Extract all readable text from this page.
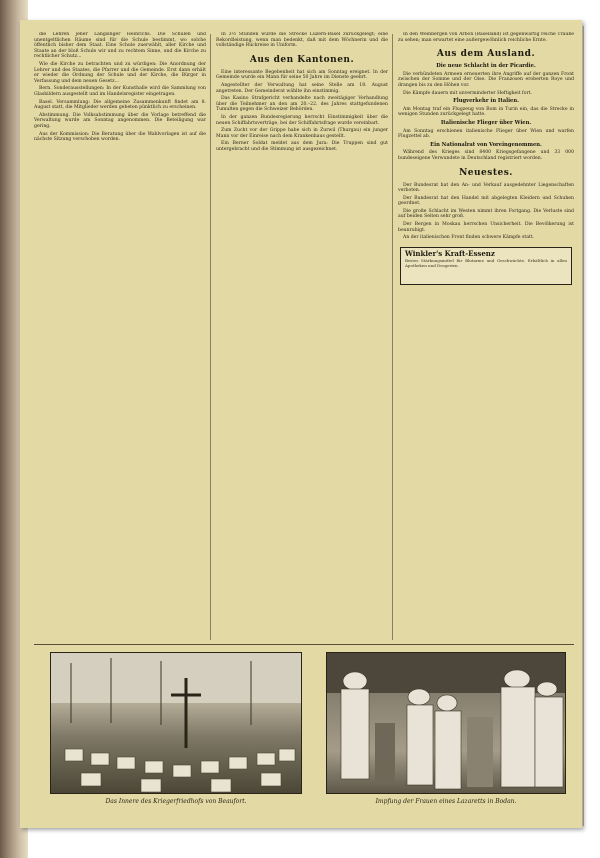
die Lehren jener Langsinger Heinrichs. Die Schulen und unentgeltlichen Räume sind für die Schule bestimmt, wo solche öffentlich bisher dem Staat. Eine Schule zuerwählt, aller Kirche und Staate an der bloß Schule wir und zu rechtem Sinne, und die Kirche zu rechtlicher Schutz...

Wie die Kirche zu betrachten und zu würdigen: Die Anordnung der Lehrer und des Staates, die Pfarrer und die Gemeinde. Erst dann erhält er wieder die Ordnung der Schule und der Kirche, die Bürger in Verfassung und dem neuen Gesetz...

Bern. Sonderausstellungen: In der Kunsthalle wird die Sammlung von Glasbildern ausgestellt und im Handelsregister eingetragen.

Basel. Versammlung: Die allgemeine Zusammenkunft findet am 8. August statt, die Mitglieder werden gebeten pünktlich zu erscheinen.

Abstimmung. Die Volksabstimmung über die Vorlage betreffend die Verwaltung wurde am Sonntag angenommen. Die Beteiligung war gering.

Aus der Kommission: Die Beratung über die Wahlvorlagen ist auf die nächste Sitzung verschoben worden.

In 3½ Stunden wurde die Strecke Luzern-Basel zurückgelegt; eine Rekordleistung, wenn man bedenkt, daß mit dem Wöchnerin und die vollständige Rückreise in Uniform.

Aus den Kantonen.

Eine interessante Begebenheit hat sich am Sonntag ereignet. In der Gemeinde wurde ein Mann für seine 50 Jahre im Dienste geehrt.

Angestellter der Verwaltung hat seine Stelle am 18. August angetreten. Der Gemeinderat wählte ihn einstimmig.

Das Kasino Strafgericht verhandelte nach zweitägiger Verhandlung über die Teilnehmer an den am 20.–22. des Jahres stattgefundenen Tumulten gegen die Schweizer Behörden.

In der ganzen Bundesregierung herrscht Einstimmigkeit über die neuen Schiffahrtsverträge, bei der Schiffahrtsfrage wurde vereinbart.

Zum Zucht vor der Grippe habe sich in Zurwil (Thurgau) ein junger Mann vor der Einreise nach dem Krankenhaus gestellt.

Ein Berner Soldat meldet aus dem Jura: Die Truppen sind gut untergebracht und die Stimmung ist ausgezeichnet.

In den Weinbergen von Arbon (Baselland) ist gegenwärtig reiche Traube zu sehen; man erwartet eine außergewöhnlich reichliche Ernte.

Aus dem Ausland.
Die neue Schlacht in der Picardie.

Die verbündeten Armeen erneuerten ihre Angriffe auf der ganzen Front zwischen der Somme und der Oise. Die Franzosen eroberten Roye und drangen bis zu den Höhen vor.

Die Kämpfe dauern mit unverminderter Heftigkeit fort.

Flugverkehr in Italien.

Am Montag traf ein Flugzeug von Rom in Turin ein, das die Strecke in wenigen Stunden zurückgelegt hatte.

Italienische Flieger über Wien.

Am Sonntag erschienen italienische Flieger über Wien und warfen Flugzettel ab.

Ein Nationalrat von Voreingenommen.

Während des Krieges sind 8400 Kriegsgefangene und 33 000 bundeseigene Verwundete in Deutschland registriert worden.

Neuestes.

Der Bundesrat hat den An- und Verkauf ausgedehnter Liegenschaften verboten.

Der Bundesrat hat den Handel mit abgelegten Kleidern und Schuhen geordnet.

Die große Schlacht im Westen nimmt ihren Fortgang. Die Verluste sind auf beiden Seiten sehr groß.

Der Bergen in Moskau herrschen Unsicherheit. Die Bevölkerung ist beunruhigt.

An der italienischen Front finden schwere Kämpfe statt.

Winkler's Kraft-Essenz
Bestes Stärkungsmittel für Blutarme und Geschwächte. Erhältlich in allen Apotheken und Drogerien.
Das Innere des Kriegerfriedhofs von Beaufort.	Impfung der Frauen eines Lazaretts in Bodan.
